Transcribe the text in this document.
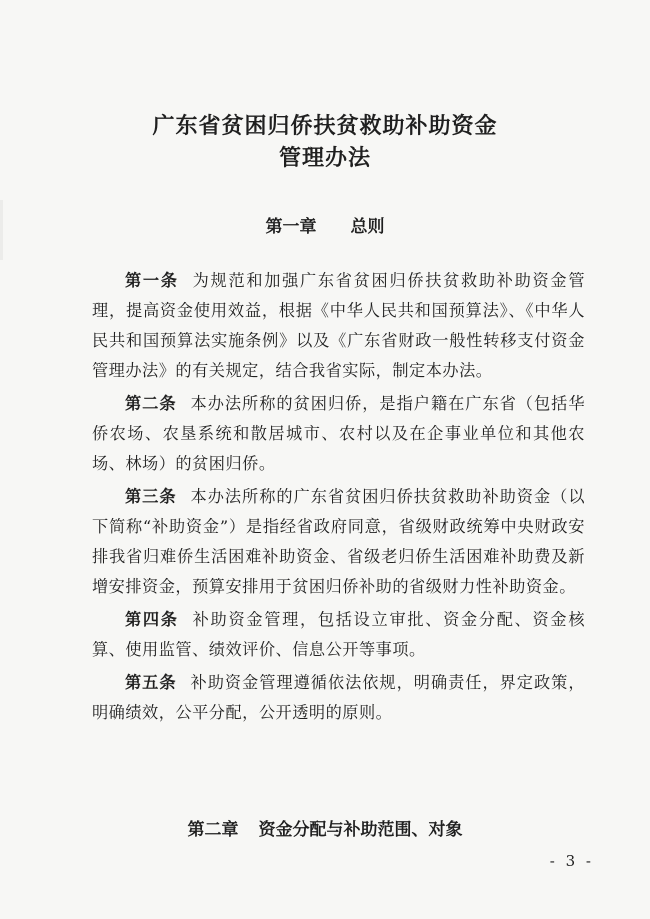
广东省贫困归侨扶贫救助补助资金
管理办法
第一章 总则

第一条 为规范和加强广东省贫困归侨扶贫救助补助资金管理，提高资金使用效益，根据《中华人民共和国预算法》、《中华人民共和国预算法实施条例》以及《广东省财政一般性转移支付资金管理办法》的有关规定，结合我省实际，制定本办法。

第二条 本办法所称的贫困归侨，是指户籍在广东省（包括华侨农场、农垦系统和散居城市、农村以及在企事业单位和其他农场、林场）的贫困归侨。

第三条 本办法所称的广东省贫困归侨扶贫救助补助资金（以下简称“补助资金”）是指经省政府同意，省级财政统筹中央财政安排我省归难侨生活困难补助资金、省级老归侨生活困难补助费及新增安排资金，预算安排用于贫困归侨补助的省级财力性补助资金。

第四条 补助资金管理，包括设立审批、资金分配、资金核算、使用监管、绩效评价、信息公开等事项。

第五条 补助资金管理遵循依法依规，明确责任，界定政策，明确绩效，公平分配，公开透明的原则。

第二章 资金分配与补助范围、对象
- 3 -
